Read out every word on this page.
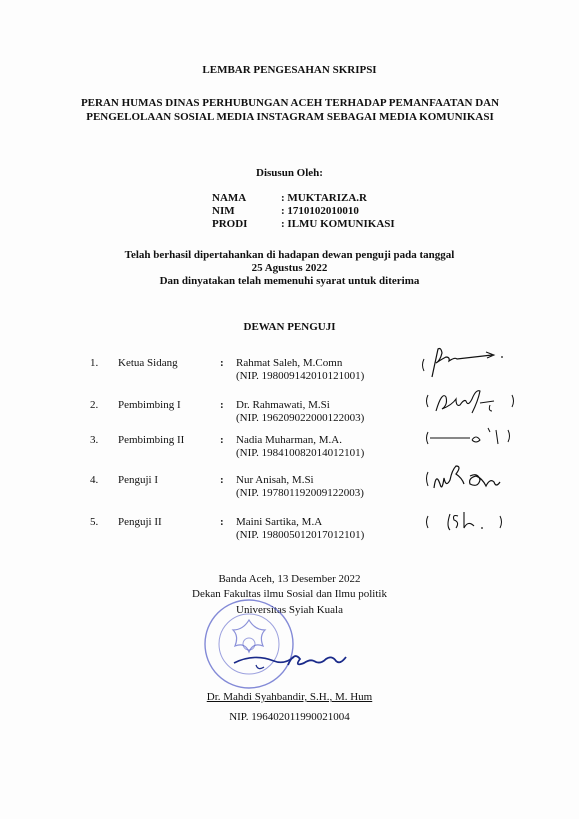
LEMBAR PENGESAHAN SKRIPSI
PERAN HUMAS DINAS PERHUBUNGAN ACEH TERHADAP PEMANFAATAN DAN PENGELOLAAN SOSIAL MEDIA INSTAGRAM SEBAGAI MEDIA KOMUNIKASI
Disusun Oleh:
NAMA	: MUKTARIZA.R
NIM	: 1710102010010
PRODI	: ILMU KOMUNIKASI
Telah berhasil dipertahankan di hadapan dewan penguji pada tanggal
25 Agustus 2022
Dan dinyatakan telah memenuhi syarat untuk diterima
DEWAN PENGUJI
1. Ketua Sidang	: Rahmat Saleh, M.Comn
(NIP. 198009142010121001)
2. Pembimbing I	: Dr. Rahmawati, M.Si
(NIP. 196209022000122003)
3. Pembimbing II	: Nadia Muharman, M.A.
(NIP. 198410082014012101)
4. Penguji I	: Nur Anisah, M.Si
(NIP. 197801192009122003)
5. Penguji II	: Maini Sartika, M.A
(NIP. 198005012017012101)
Banda Aceh, 13 Desember 2022
Dekan Fakultas ilmu Sosial dan Ilmu politik
Universitas Syiah Kuala
Dr. Mahdi Syahbandir, S.H., M. Hum
NIP. 196402011990021004
